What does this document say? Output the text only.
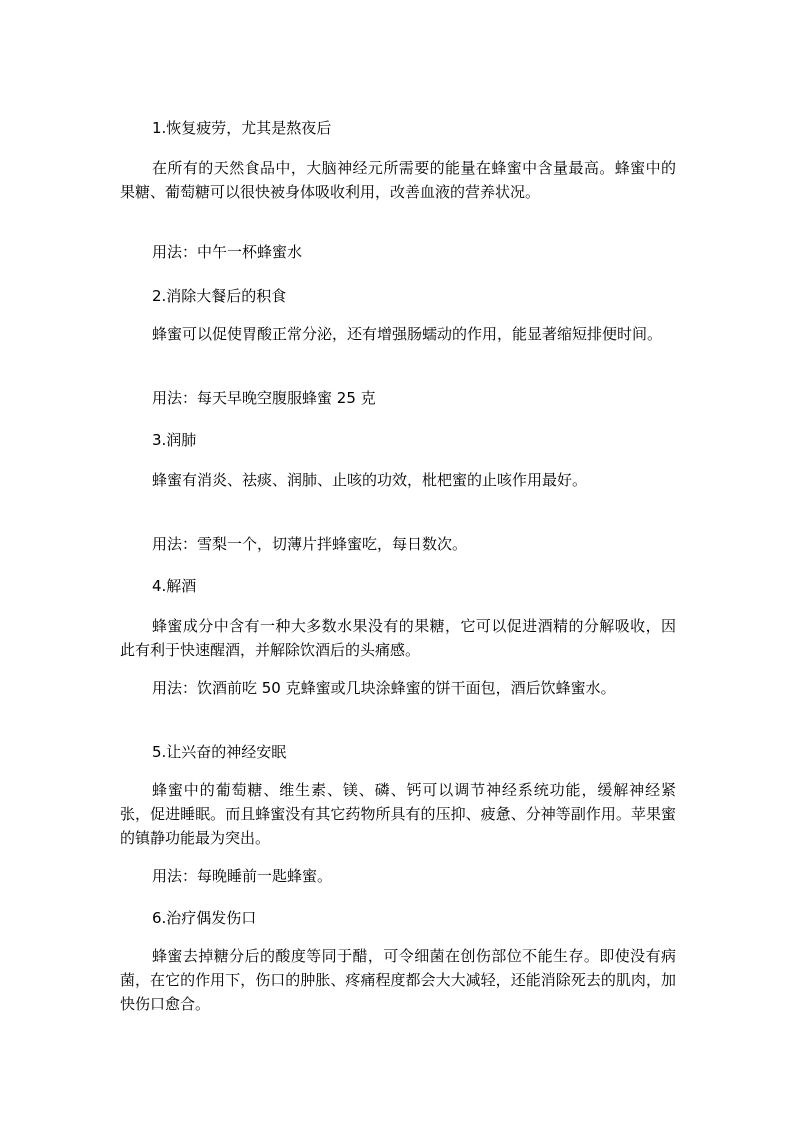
1.恢复疲劳，尤其是熬夜后

在所有的天然食品中，大脑神经元所需要的能量在蜂蜜中含量最高。蜂蜜中的果糖、葡萄糖可以很快被身体吸收利用，改善血液的营养状况。

用法：中午一杯蜂蜜水

2.消除大餐后的积食

蜂蜜可以促使胃酸正常分泌，还有增强肠蠕动的作用，能显著缩短排便时间。

用法：每天早晚空腹服蜂蜜 25 克

3.润肺

蜂蜜有消炎、祛痰、润肺、止咳的功效，枇杷蜜的止咳作用最好。

用法：雪梨一个，切薄片拌蜂蜜吃，每日数次。

4.解酒

蜂蜜成分中含有一种大多数水果没有的果糖，它可以促进酒精的分解吸收，因此有利于快速醒酒，并解除饮酒后的头痛感。

用法：饮酒前吃 50 克蜂蜜或几块涂蜂蜜的饼干面包，酒后饮蜂蜜水。

5.让兴奋的神经安眠

蜂蜜中的葡萄糖、维生素、镁、磷、钙可以调节神经系统功能，缓解神经紧张，促进睡眠。而且蜂蜜没有其它药物所具有的压抑、疲惫、分神等副作用。苹果蜜的镇静功能最为突出。

用法：每晚睡前一匙蜂蜜。

6.治疗偶发伤口

蜂蜜去掉糖分后的酸度等同于醋，可令细菌在创伤部位不能生存。即使没有病菌，在它的作用下，伤口的肿胀、疼痛程度都会大大减轻，还能消除死去的肌肉，加快伤口愈合。
